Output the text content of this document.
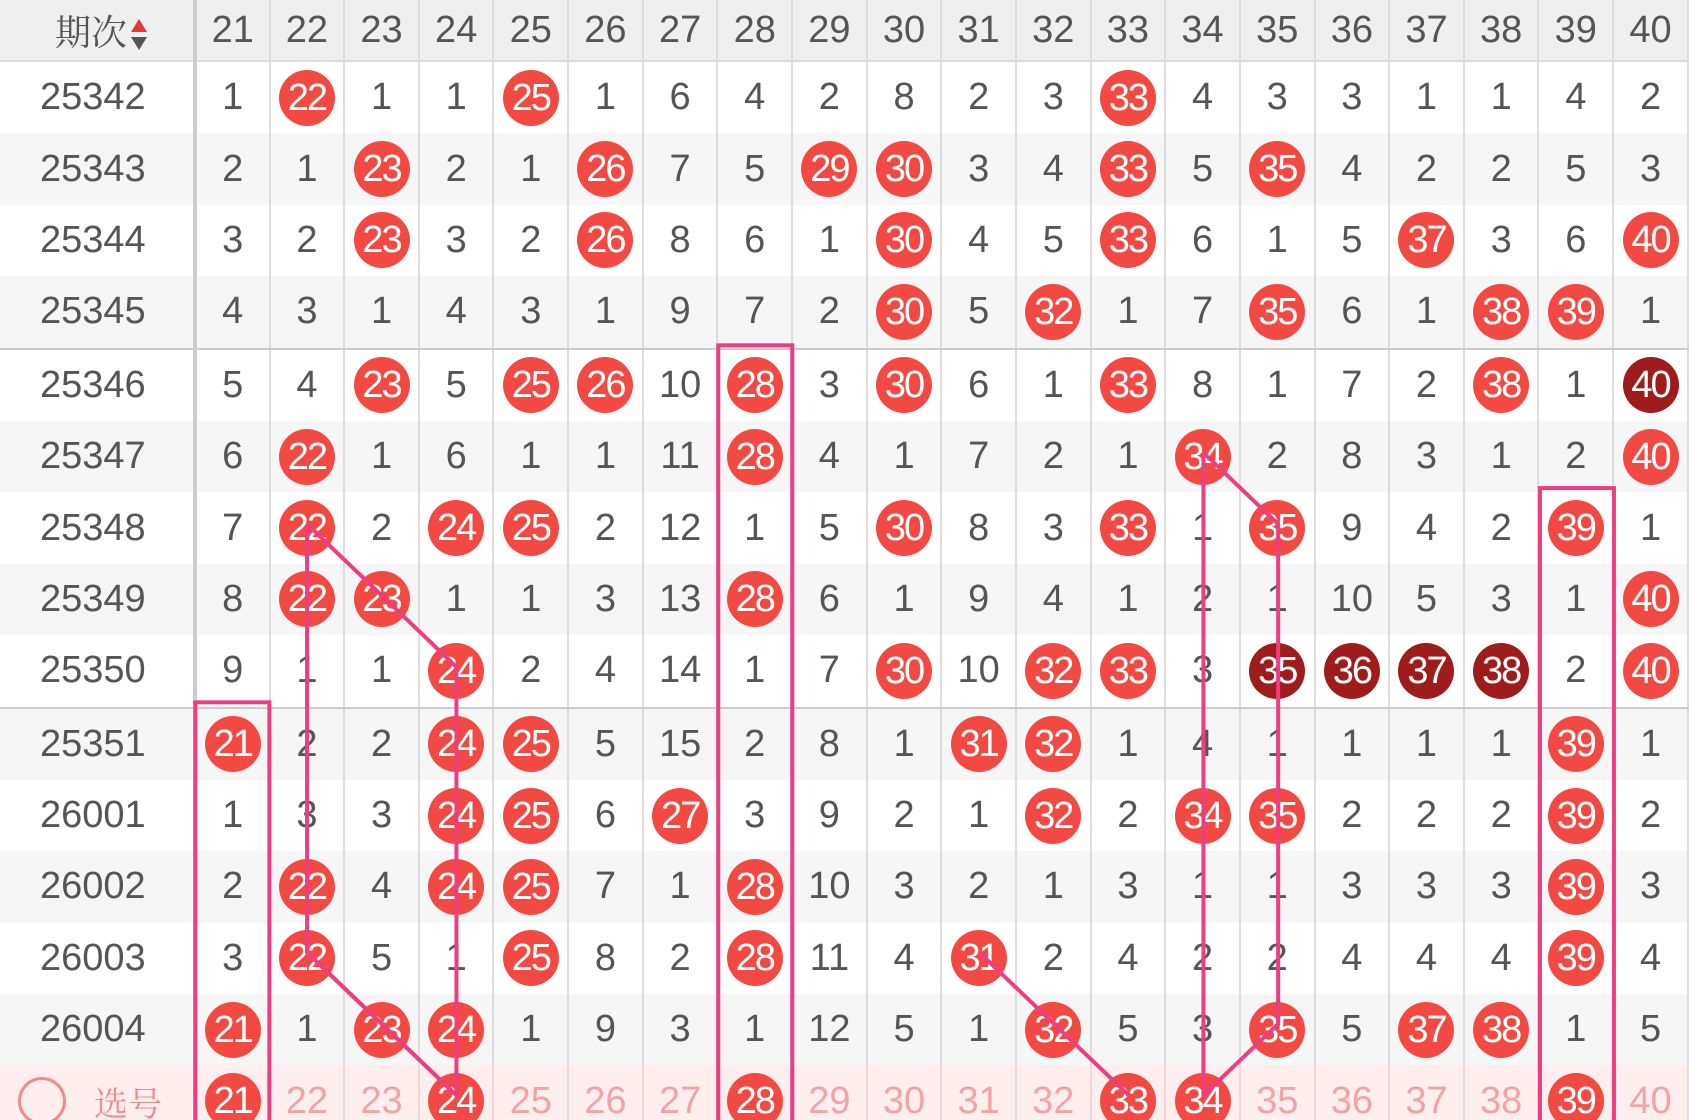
期次	21	22	23	24	25	26	27	28	29	30	31	32	33	34	35	36	37	38	39	40
25342	1	22	1	1	25	1	6	4	2	8	2	3	33	4	3	3	1	1	4	2
25343	2	1	23	2	1	26	7	5	29	30	3	4	33	5	35	4	2	2	5	3
25344	3	2	23	3	2	26	8	6	1	30	4	5	33	6	1	5	37	3	6	40
25345	4	3	1	4	3	1	9	7	2	30	5	32	1	7	35	6	1	38	39	1
25346	5	4	23	5	25	26	10	28	3	30	6	1	33	8	1	7	2	38	1	40
25347	6	22	1	6	1	1	11	28	4	1	7	2	1	34	2	8	3	1	2	40
25348	7	22	2	24	25	2	12	1	5	30	8	3	33	1	35	9	4	2	39	1
25349	8	22	23	1	1	3	13	28	6	1	9	4	1	2	1	10	5	3	1	40
25350	9	1	1	24	2	4	14	1	7	30	10	32	33	3	35	36	37	38	2	40
25351	21	2	2	24	25	5	15	2	8	1	31	32	1	4	1	1	1	1	39	1
26001	1	3	3	24	25	6	27	3	9	2	1	32	2	34	35	2	2	2	39	2
26002	2	22	4	24	25	7	1	28	10	3	2	1	3	1	1	3	3	3	39	3
26003	3	22	5	1	25	8	2	28	11	4	31	2	4	2	2	4	4	4	39	4
26004	21	1	23	24	1	9	3	1	12	5	1	32	5	3	35	5	37	38	1	5
选号	21	22	23	24	25	26	27	28	29	30	31	32	33	34	35	36	37	38	39	40
